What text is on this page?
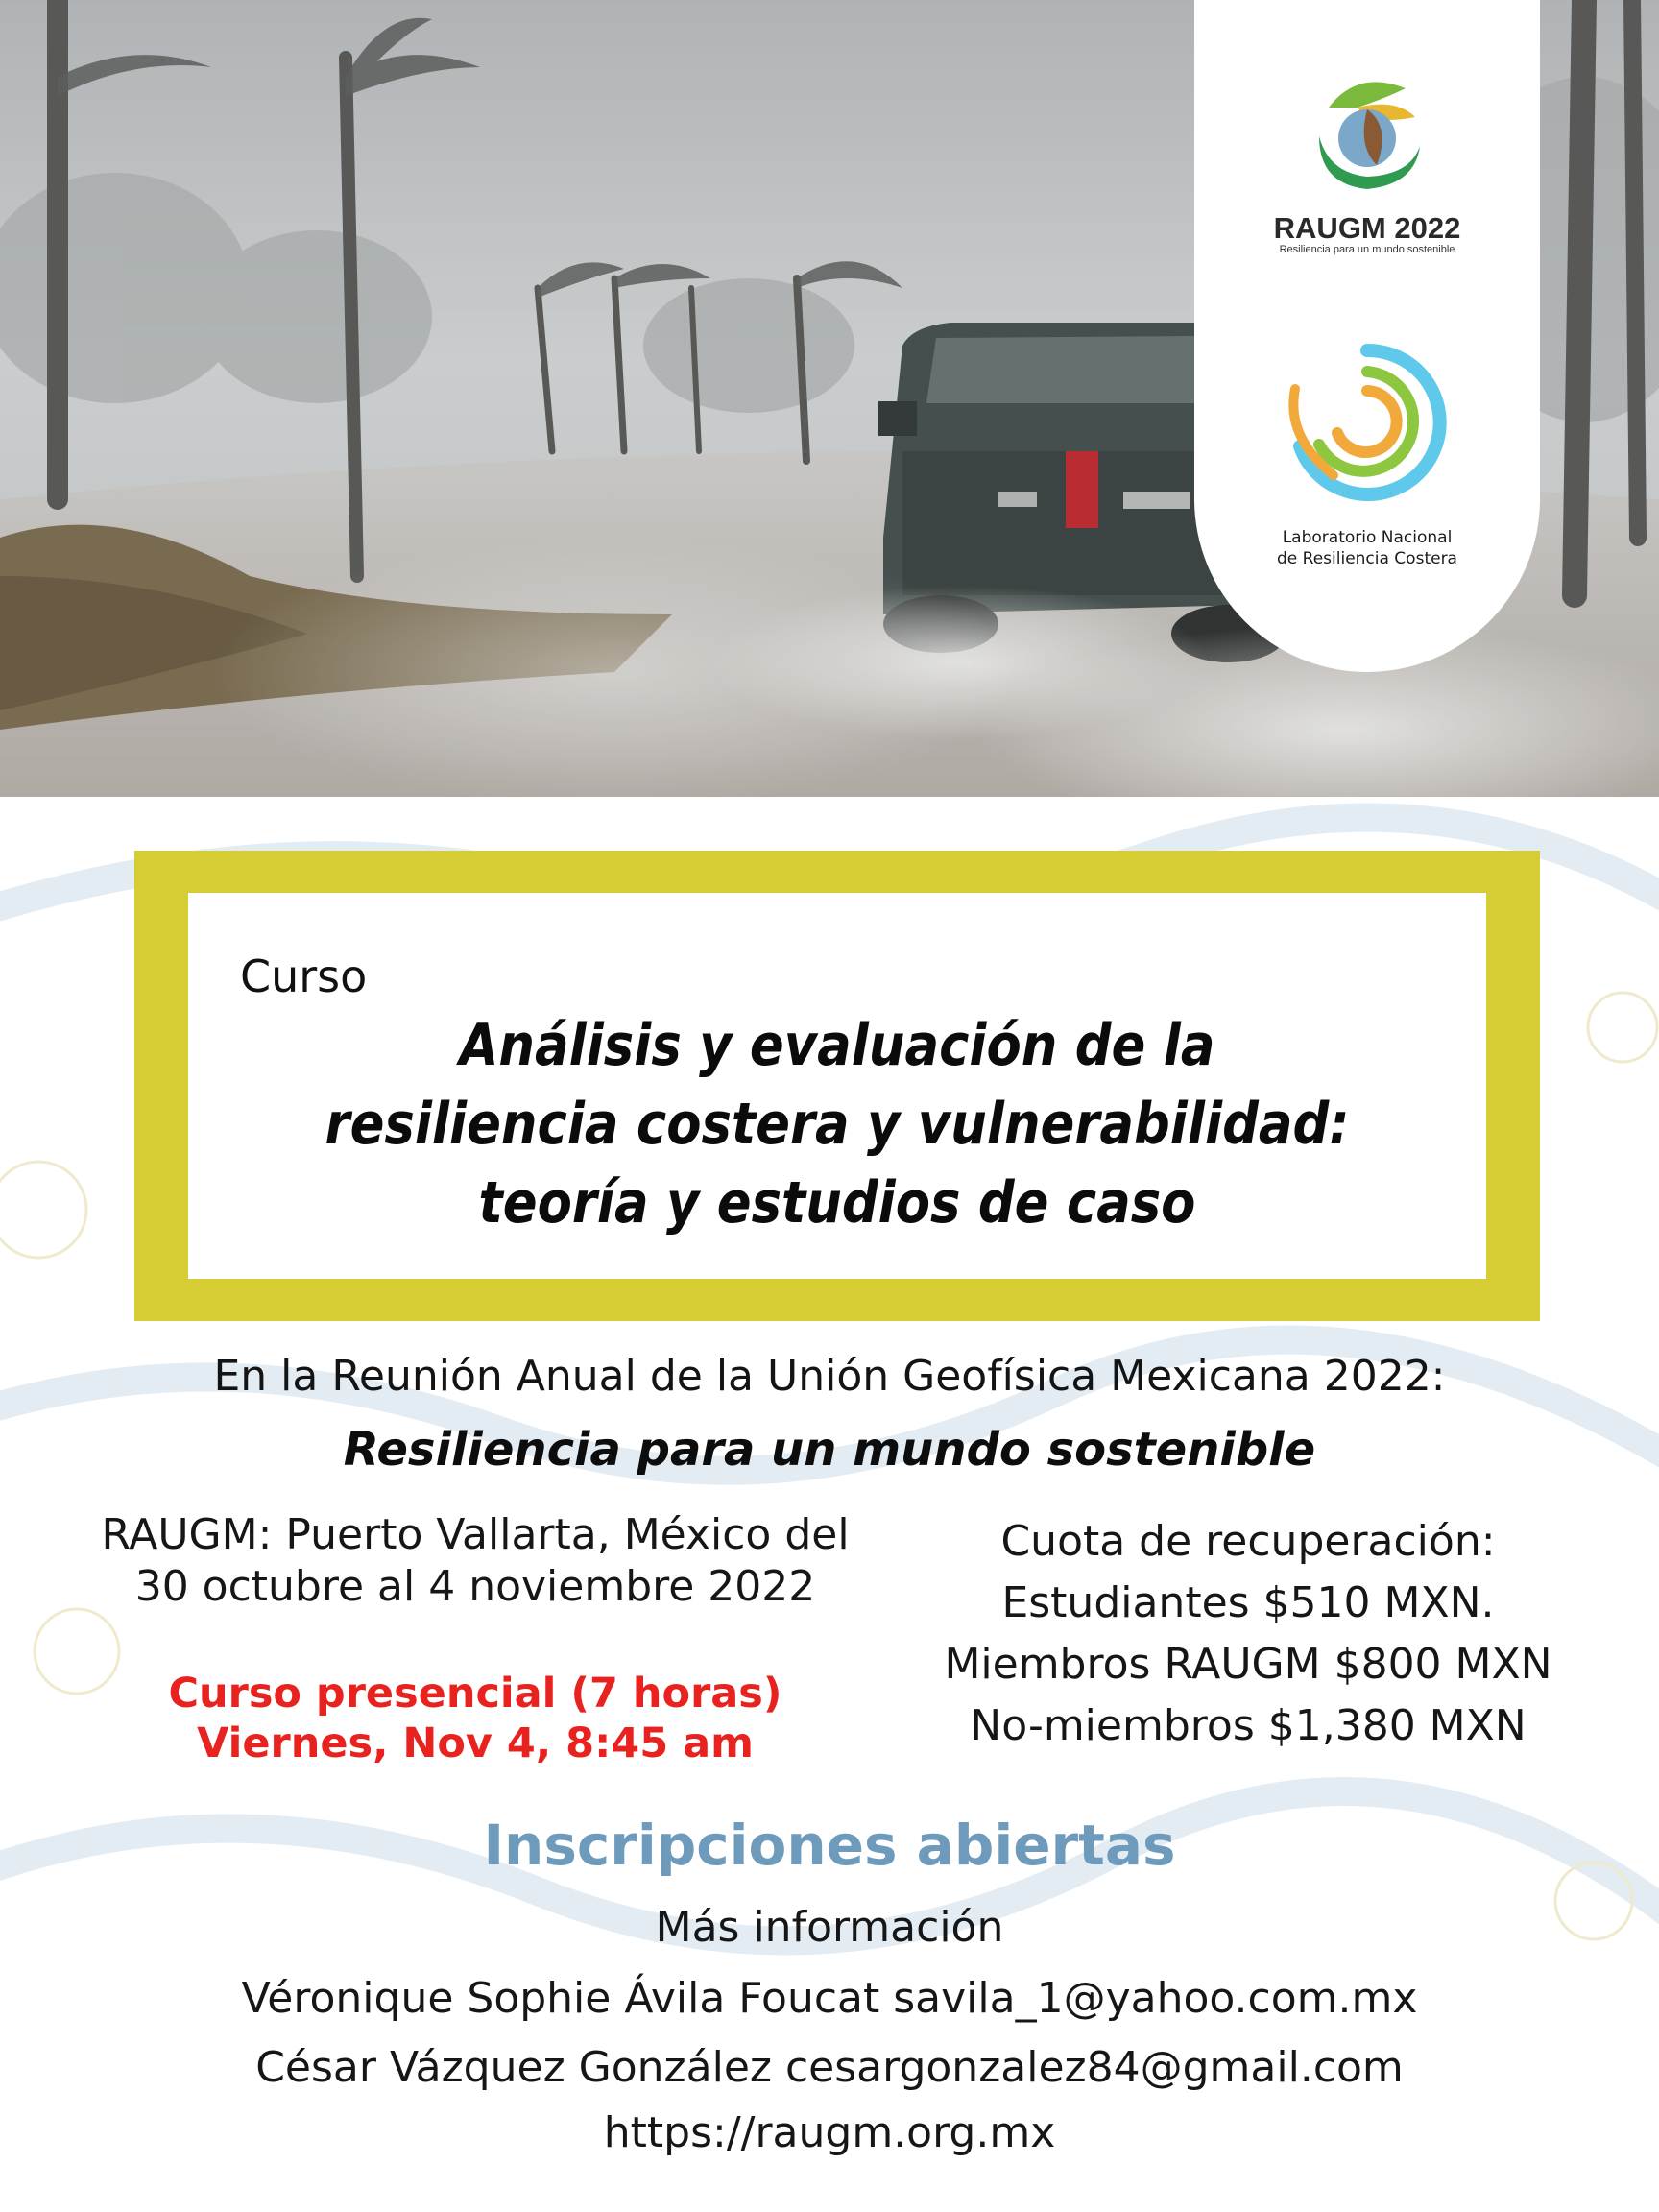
RAUGM 2022
Resiliencia para un mundo sostenible
Laboratorio Nacional
de Resiliencia Costera
Curso
Análisis y evaluación de la
resiliencia costera y vulnerabilidad:
teoría y estudios de caso
En la Reunión Anual de la Unión Geofísica Mexicana 2022:
Resiliencia para un mundo sostenible
RAUGM: Puerto Vallarta, México del
30 octubre al 4 noviembre 2022
Curso presencial (7 horas)
Viernes, Nov 4, 8:45 am
Cuota de recuperación:
Estudiantes $510 MXN.
Miembros RAUGM $800 MXN
No-miembros $1,380 MXN
Inscripciones abiertas
Más información
Véronique Sophie Ávila Foucat savila_1@yahoo.com.mx
César Vázquez González cesargonzalez84@gmail.com
https://raugm.org.mx
